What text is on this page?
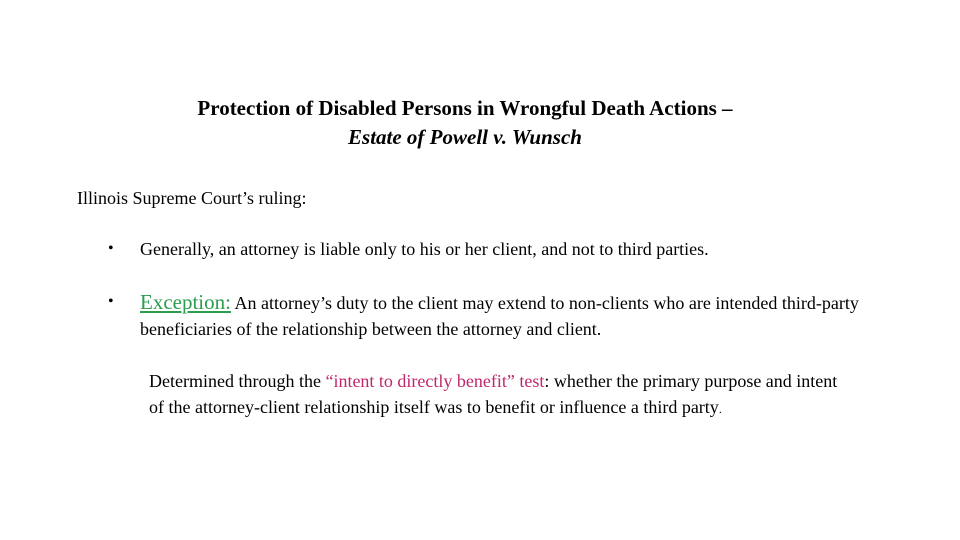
Protection of Disabled Persons in Wrongful Death Actions –
Estate of Powell v. Wunsch
Illinois Supreme Court’s ruling:
• Generally, an attorney is liable only to his or her client, and not to third parties.
• Exception: An attorney’s duty to the client may extend to non-clients who are intended third-party beneficiaries of the relationship between the attorney and client.
Determined through the “intent to directly benefit” test: whether the primary purpose and intent of the attorney-client relationship itself was to benefit or influence a third party.
